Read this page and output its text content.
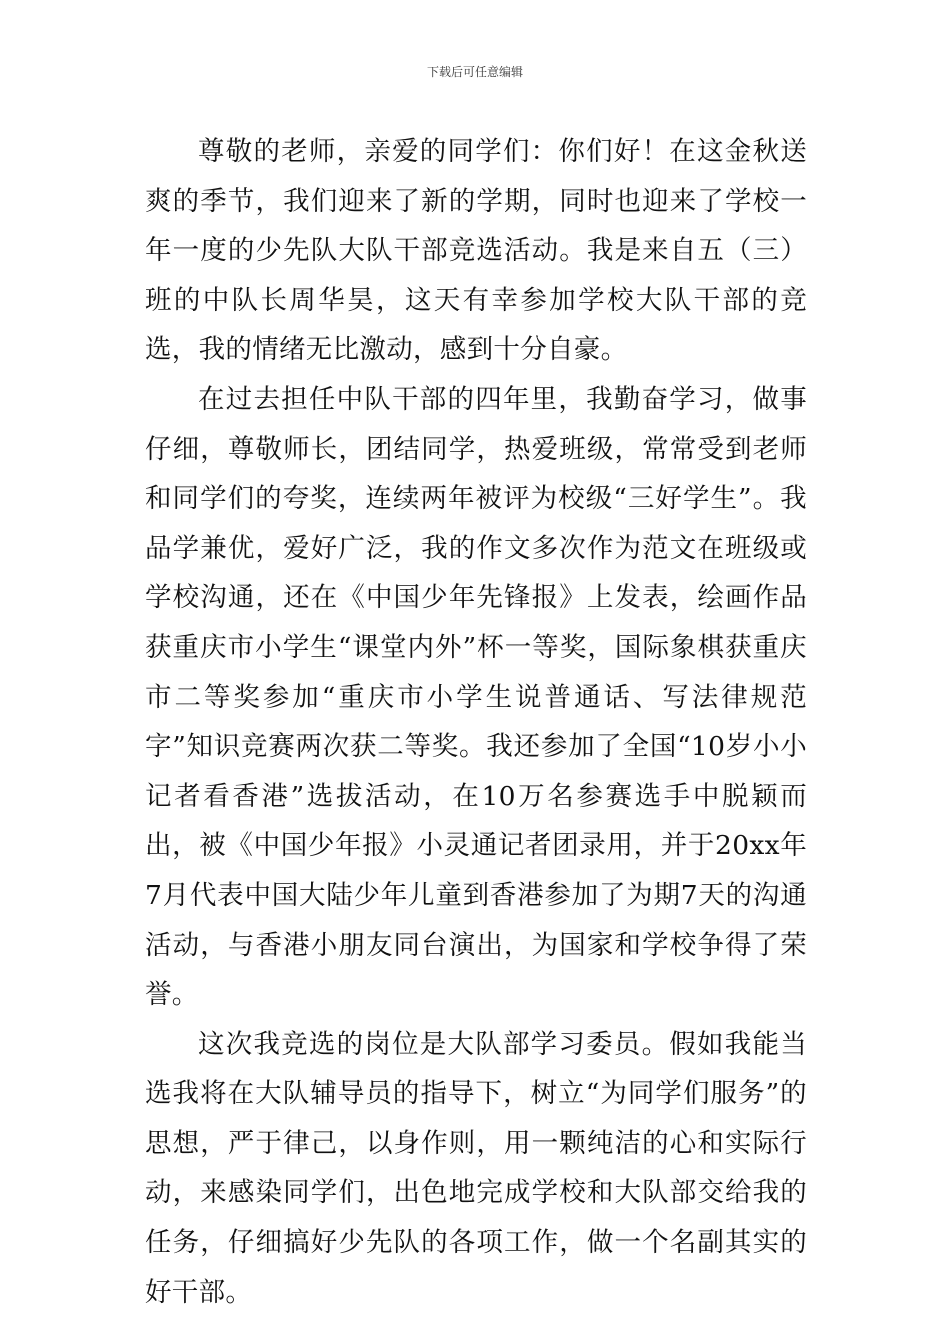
下载后可任意编辑

尊敬的老师，亲爱的同学们：你们好！在这金秋送爽的季节，我们迎来了新的学期，同时也迎来了学校一年一度的少先队大队干部竞选活动。我是来自五（三）班的中队长周华昊，这天有幸参加学校大队干部的竞选，我的情绪无比激动，感到十分自豪。

在过去担任中队干部的四年里，我勤奋学习，做事仔细，尊敬师长，团结同学，热爱班级，常常受到老师和同学们的夸奖，连续两年被评为校级“三好学生”。我品学兼优，爱好广泛，我的作文多次作为范文在班级或学校沟通，还在《中国少年先锋报》上发表，绘画作品获重庆市小学生“课堂内外”杯一等奖，国际象棋获重庆市二等奖参加“重庆市小学生说普通话、写法律规范字”知识竞赛两次获二等奖。我还参加了全国“10岁小小记者看香港”选拔活动，在10万名参赛选手中脱颖而出，被《中国少年报》小灵通记者团录用，并于20xx年7月代表中国大陆少年儿童到香港参加了为期7天的沟通活动，与香港小朋友同台演出，为国家和学校争得了荣誉。

这次我竞选的岗位是大队部学习委员。假如我能当选我将在大队辅导员的指导下，树立“为同学们服务”的思想，严于律己，以身作则，用一颗纯洁的心和实际行动，来感染同学们，出色地完成学校和大队部交给我的任务，仔细搞好少先队的各项工作，做一个名副其实的好干部。
